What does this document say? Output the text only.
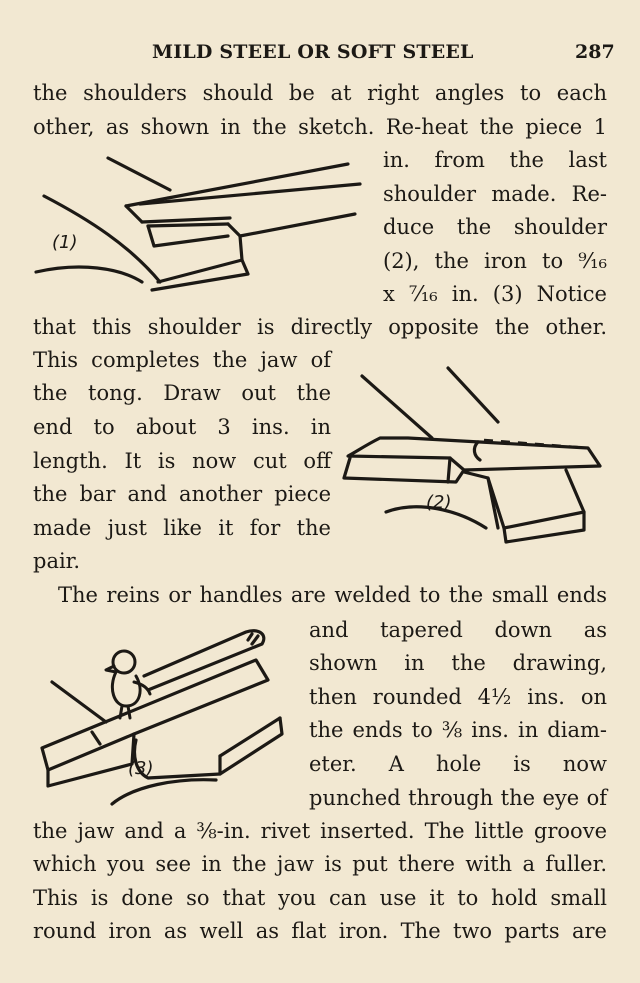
MILD STEEL OR SOFT STEEL	287
the shoulders should be at right angles to each
other, as shown in the sketch. Re-heat the piece 1
in. from the last
shoulder made. Re-
duce the shoulder
(2), the iron to ⁹⁄₁₆
x ⁷⁄₁₆ in. (3) Notice
that this shoulder is directly opposite the other.
This completes the jaw of
the tong. Draw out the
end to about 3 ins. in
length. It is now cut off
the bar and another piece
made just like it for the
pair.
The reins or handles are welded to the small ends
and tapered down as
shown in the drawing,
then rounded 4½ ins. on
the ends to ⅜ ins. in diam-
eter. A hole is now
punched through the eye of
the jaw and a ⅜-in. rivet inserted. The little groove
which you see in the jaw is put there with a fuller.
This is done so that you can use it to hold small
round iron as well as flat iron. The two parts are
(1)
(2)
(3)
